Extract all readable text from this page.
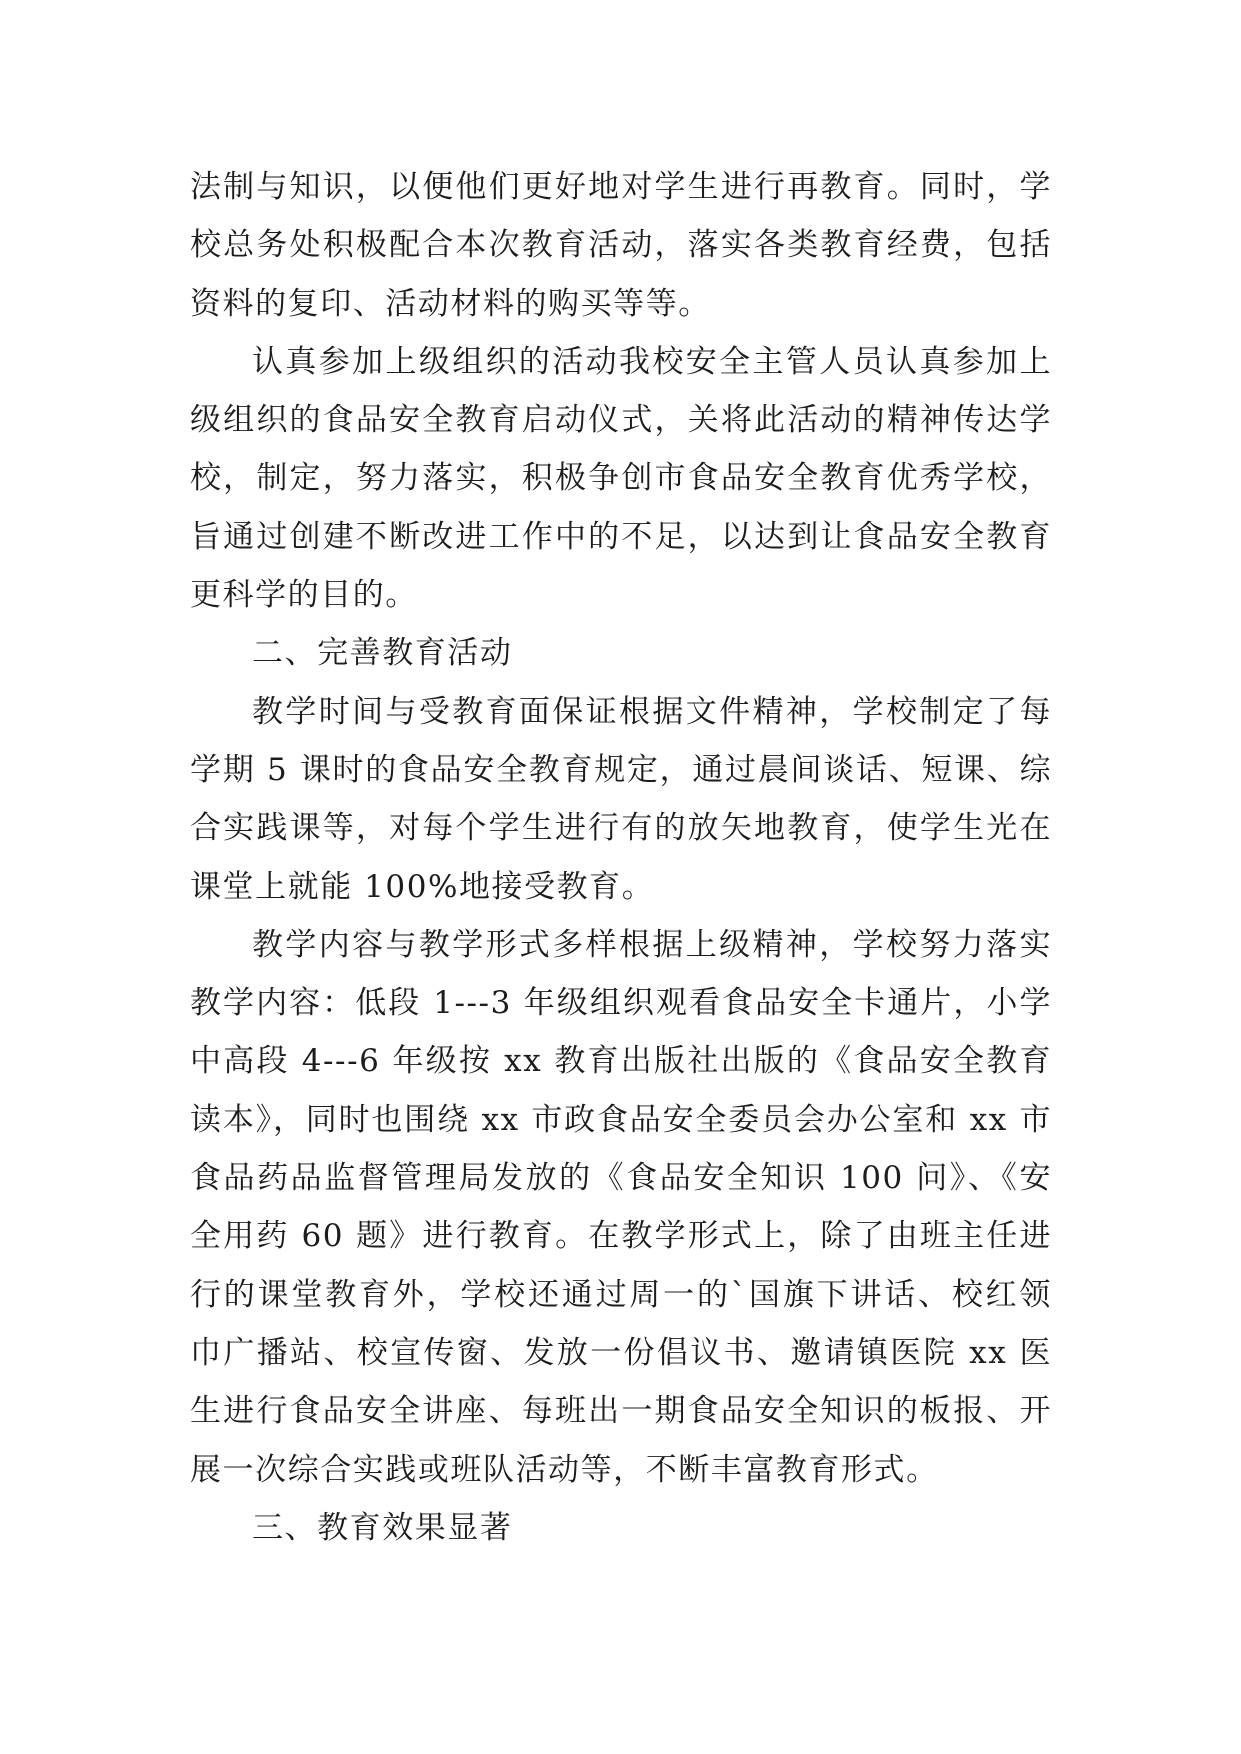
法制与知识，以便他们更好地对学生进行再教育。同时，学校总务处积极配合本次教育活动，落实各类教育经费，包括资料的复印、活动材料的购买等等。

认真参加上级组织的活动我校安全主管人员认真参加上级组织的食品安全教育启动仪式，关将此活动的精神传达学校，制定，努力落实，积极争创市食品安全教育优秀学校，旨通过创建不断改进工作中的不足，以达到让食品安全教育更科学的目的。

二、完善教育活动

教学时间与受教育面保证根据文件精神，学校制定了每学期 5 课时的食品安全教育规定，通过晨间谈话、短课、综合实践课等，对每个学生进行有的放矢地教育，使学生光在课堂上就能 100%地接受教育。

教学内容与教学形式多样根据上级精神，学校努力落实教学内容：低段 1---3 年级组织观看食品安全卡通片，小学中高段 4---6 年级按 xx 教育出版社出版的《食品安全教育读本》，同时也围绕 xx 市政食品安全委员会办公室和 xx 市食品药品监督管理局发放的《食品安全知识 100 问》、《安全用药 60 题》进行教育。在教学形式上，除了由班主任进行的课堂教育外，学校还通过周一的`国旗下讲话、校红领巾广播站、校宣传窗、发放一份倡议书、邀请镇医院 xx 医生进行食品安全讲座、每班出一期食品安全知识的板报、开展一次综合实践或班队活动等，不断丰富教育形式。

三、教育效果显著
